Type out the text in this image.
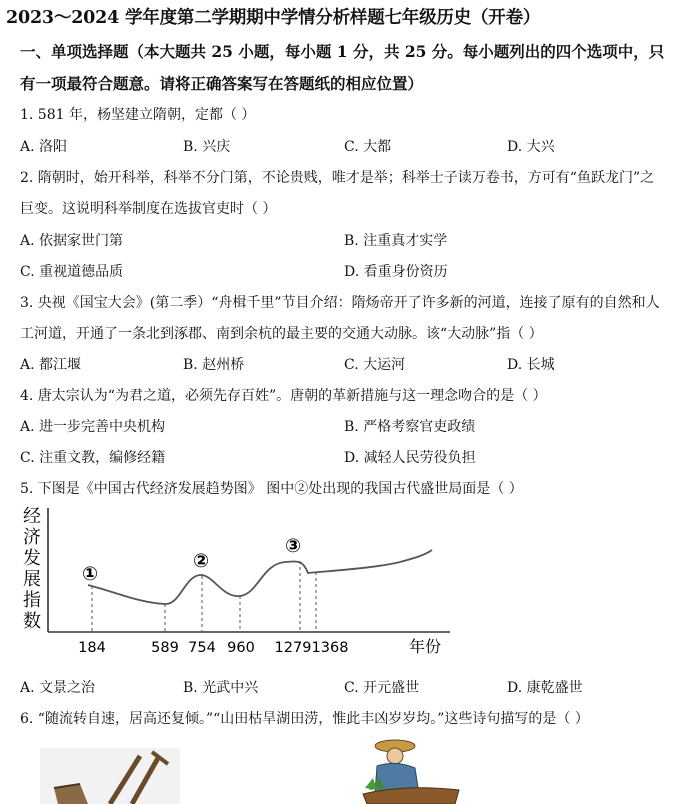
2023～2024 学年度第二学期期中学情分析样题七年级历史（开卷）
一、单项选择题（本大题共 25 小题，每小题 1 分，共 25 分。每小题列出的四个选项中，只
有一项最符合题意。请将正确答案写在答题纸的相应位置）
1. 581 年，杨坚建立隋朝，定都（ ）
A. 洛阳	B. 兴庆	C. 大都	D. 大兴
2. 隋朝时，始开科举，科举不分门第，不论贵贱，唯才是举；科举士子读万卷书，方可有“鱼跃龙门”之
巨变。这说明科举制度在选拔官吏时（ ）
A. 依据家世门第	B. 注重真才实学
C. 重视道德品质	D. 看重身份资历
3. 央视《国宝大会》(第二季）“舟楫千里”节目介绍：隋炀帝开了许多新的河道，连接了原有的自然和人
工河道，开通了一条北到涿郡、南到余杭的最主要的交通大动脉。该“大动脉”指（ ）
A. 都江堰	B. 赵州桥	C. 大运河	D. 长城
4. 唐太宗认为“为君之道，必须先存百姓”。唐朝的革新措施与这一理念吻合的是（ ）
A. 进一步完善中央机构	B. 严格考察官吏政绩
C. 注重文教，编修经籍	D. 减轻人民劳役负担
5. 下图是《中国古代经济发展趋势图》 图中②处出现的我国古代盛世局面是（ ）
经
济
发
展
指
数
①
②
③
184	589 754 960 1279 1368	年份
A. 文景之治	B. 光武中兴	C. 开元盛世	D. 康乾盛世
6. “随流转自速，居高还复倾。”“山田枯旱湖田涝，惟此丰凶岁岁均。”这些诗句描写的是（ ）
